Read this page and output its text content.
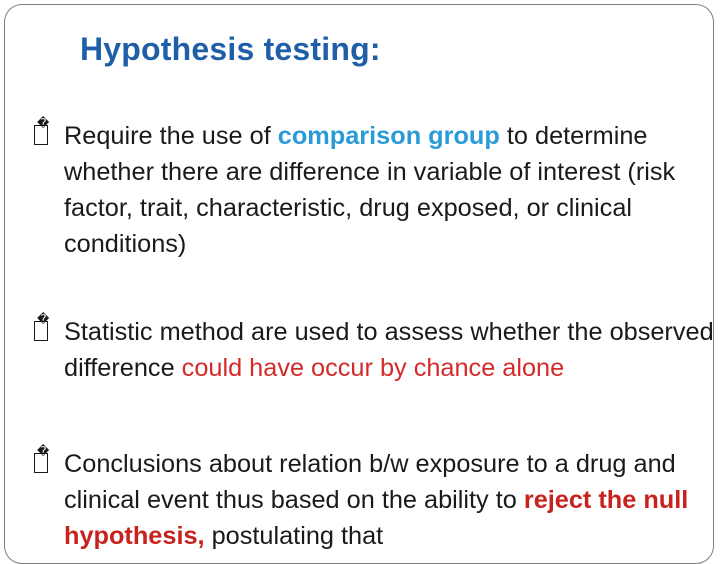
Hypothesis testing:

� Require the use of comparison group to determine whether there are difference in variable of interest (risk factor, trait, characteristic, drug exposed, or clinical conditions)

� Statistic method are used to assess whether the observed difference could have occur by chance alone

� Conclusions about relation b/w exposure to a drug and clinical event thus based on the ability to reject the null hypothesis, postulating that
